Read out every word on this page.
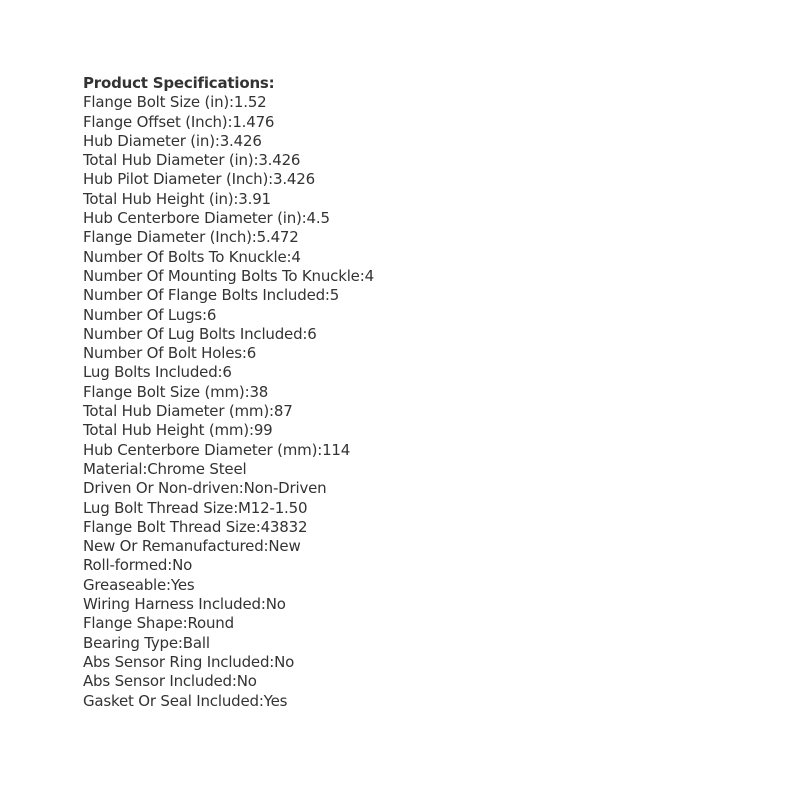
Product Specifications:
Flange Bolt Size (in):1.52
Flange Offset (Inch):1.476
Hub Diameter (in):3.426
Total Hub Diameter (in):3.426
Hub Pilot Diameter (Inch):3.426
Total Hub Height (in):3.91
Hub Centerbore Diameter (in):4.5
Flange Diameter (Inch):5.472
Number Of Bolts To Knuckle:4
Number Of Mounting Bolts To Knuckle:4
Number Of Flange Bolts Included:5
Number Of Lugs:6
Number Of Lug Bolts Included:6
Number Of Bolt Holes:6
Lug Bolts Included:6
Flange Bolt Size (mm):38
Total Hub Diameter (mm):87
Total Hub Height (mm):99
Hub Centerbore Diameter (mm):114
Material:Chrome Steel
Driven Or Non-driven:Non-Driven
Lug Bolt Thread Size:M12-1.50
Flange Bolt Thread Size:43832
New Or Remanufactured:New
Roll-formed:No
Greaseable:Yes
Wiring Harness Included:No
Flange Shape:Round
Bearing Type:Ball
Abs Sensor Ring Included:No
Abs Sensor Included:No
Gasket Or Seal Included:Yes
